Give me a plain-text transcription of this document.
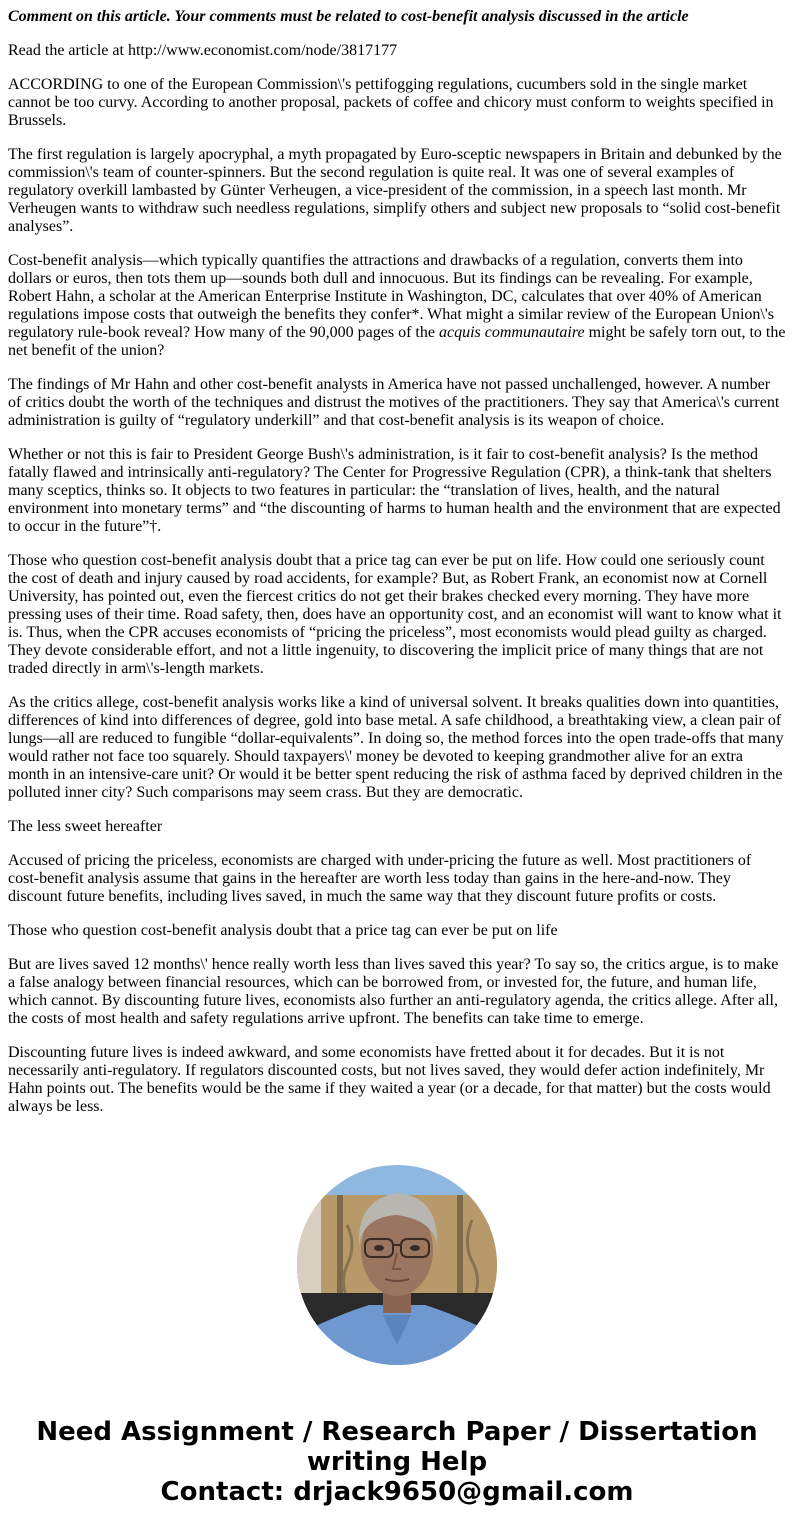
Comment on this article. Your comments must be related to cost-benefit analysis discussed in the article

Read the article at http://www.economist.com/node/3817177

ACCORDING to one of the European Commission\'s pettifogging regulations, cucumbers sold in the single market cannot be too curvy. According to another proposal, packets of coffee and chicory must conform to weights specified in Brussels.

The first regulation is largely apocryphal, a myth propagated by Euro-sceptic newspapers in Britain and debunked by the commission\'s team of counter-spinners. But the second regulation is quite real. It was one of several examples of regulatory overkill lambasted by Günter Verheugen, a vice-president of the commission, in a speech last month. Mr Verheugen wants to withdraw such needless regulations, simplify others and subject new proposals to “solid cost-benefit analyses”.

Cost-benefit analysis—which typically quantifies the attractions and drawbacks of a regulation, converts them into dollars or euros, then tots them up—sounds both dull and innocuous. But its findings can be revealing. For example, Robert Hahn, a scholar at the American Enterprise Institute in Washington, DC, calculates that over 40% of American regulations impose costs that outweigh the benefits they confer*. What might a similar review of the European Union\'s regulatory rule-book reveal? How many of the 90,000 pages of the acquis communautaire might be safely torn out, to the net benefit of the union?

The findings of Mr Hahn and other cost-benefit analysts in America have not passed unchallenged, however. A number of critics doubt the worth of the techniques and distrust the motives of the practitioners. They say that America\'s current administration is guilty of “regulatory underkill” and that cost-benefit analysis is its weapon of choice.

Whether or not this is fair to President George Bush\'s administration, is it fair to cost-benefit analysis? Is the method fatally flawed and intrinsically anti-regulatory? The Center for Progressive Regulation (CPR), a think-tank that shelters many sceptics, thinks so. It objects to two features in particular: the “translation of lives, health, and the natural environment into monetary terms” and “the discounting of harms to human health and the environment that are expected to occur in the future”†.

Those who question cost-benefit analysis doubt that a price tag can ever be put on life. How could one seriously count the cost of death and injury caused by road accidents, for example? But, as Robert Frank, an economist now at Cornell University, has pointed out, even the fiercest critics do not get their brakes checked every morning. They have more pressing uses of their time. Road safety, then, does have an opportunity cost, and an economist will want to know what it is. Thus, when the CPR accuses economists of “pricing the priceless”, most economists would plead guilty as charged. They devote considerable effort, and not a little ingenuity, to discovering the implicit price of many things that are not traded directly in arm\'s-length markets.

As the critics allege, cost-benefit analysis works like a kind of universal solvent. It breaks qualities down into quantities, differences of kind into differences of degree, gold into base metal. A safe childhood, a breathtaking view, a clean pair of lungs—all are reduced to fungible “dollar-equivalents”. In doing so, the method forces into the open trade-offs that many would rather not face too squarely. Should taxpayers\' money be devoted to keeping grandmother alive for an extra month in an intensive-care unit? Or would it be better spent reducing the risk of asthma faced by deprived children in the polluted inner city? Such comparisons may seem crass. But they are democratic.

The less sweet hereafter

Accused of pricing the priceless, economists are charged with under-pricing the future as well. Most practitioners of cost-benefit analysis assume that gains in the hereafter are worth less today than gains in the here-and-now. They discount future benefits, including lives saved, in much the same way that they discount future profits or costs.

Those who question cost-benefit analysis doubt that a price tag can ever be put on life

But are lives saved 12 months\' hence really worth less than lives saved this year? To say so, the critics argue, is to make a false analogy between financial resources, which can be borrowed from, or invested for, the future, and human life, which cannot. By discounting future lives, economists also further an anti-regulatory agenda, the critics allege. After all, the costs of most health and safety regulations arrive upfront. The benefits can take time to emerge.

Discounting future lives is indeed awkward, and some economists have fretted about it for decades. But it is not necessarily anti-regulatory. If regulators discounted costs, but not lives saved, they would defer action indefinitely, Mr Hahn points out. The benefits would be the same if they waited a year (or a decade, for that matter) but the costs would always be less.

Need Assignment / Research Paper / Dissertation
writing Help
Contact: drjack9650@gmail.com
